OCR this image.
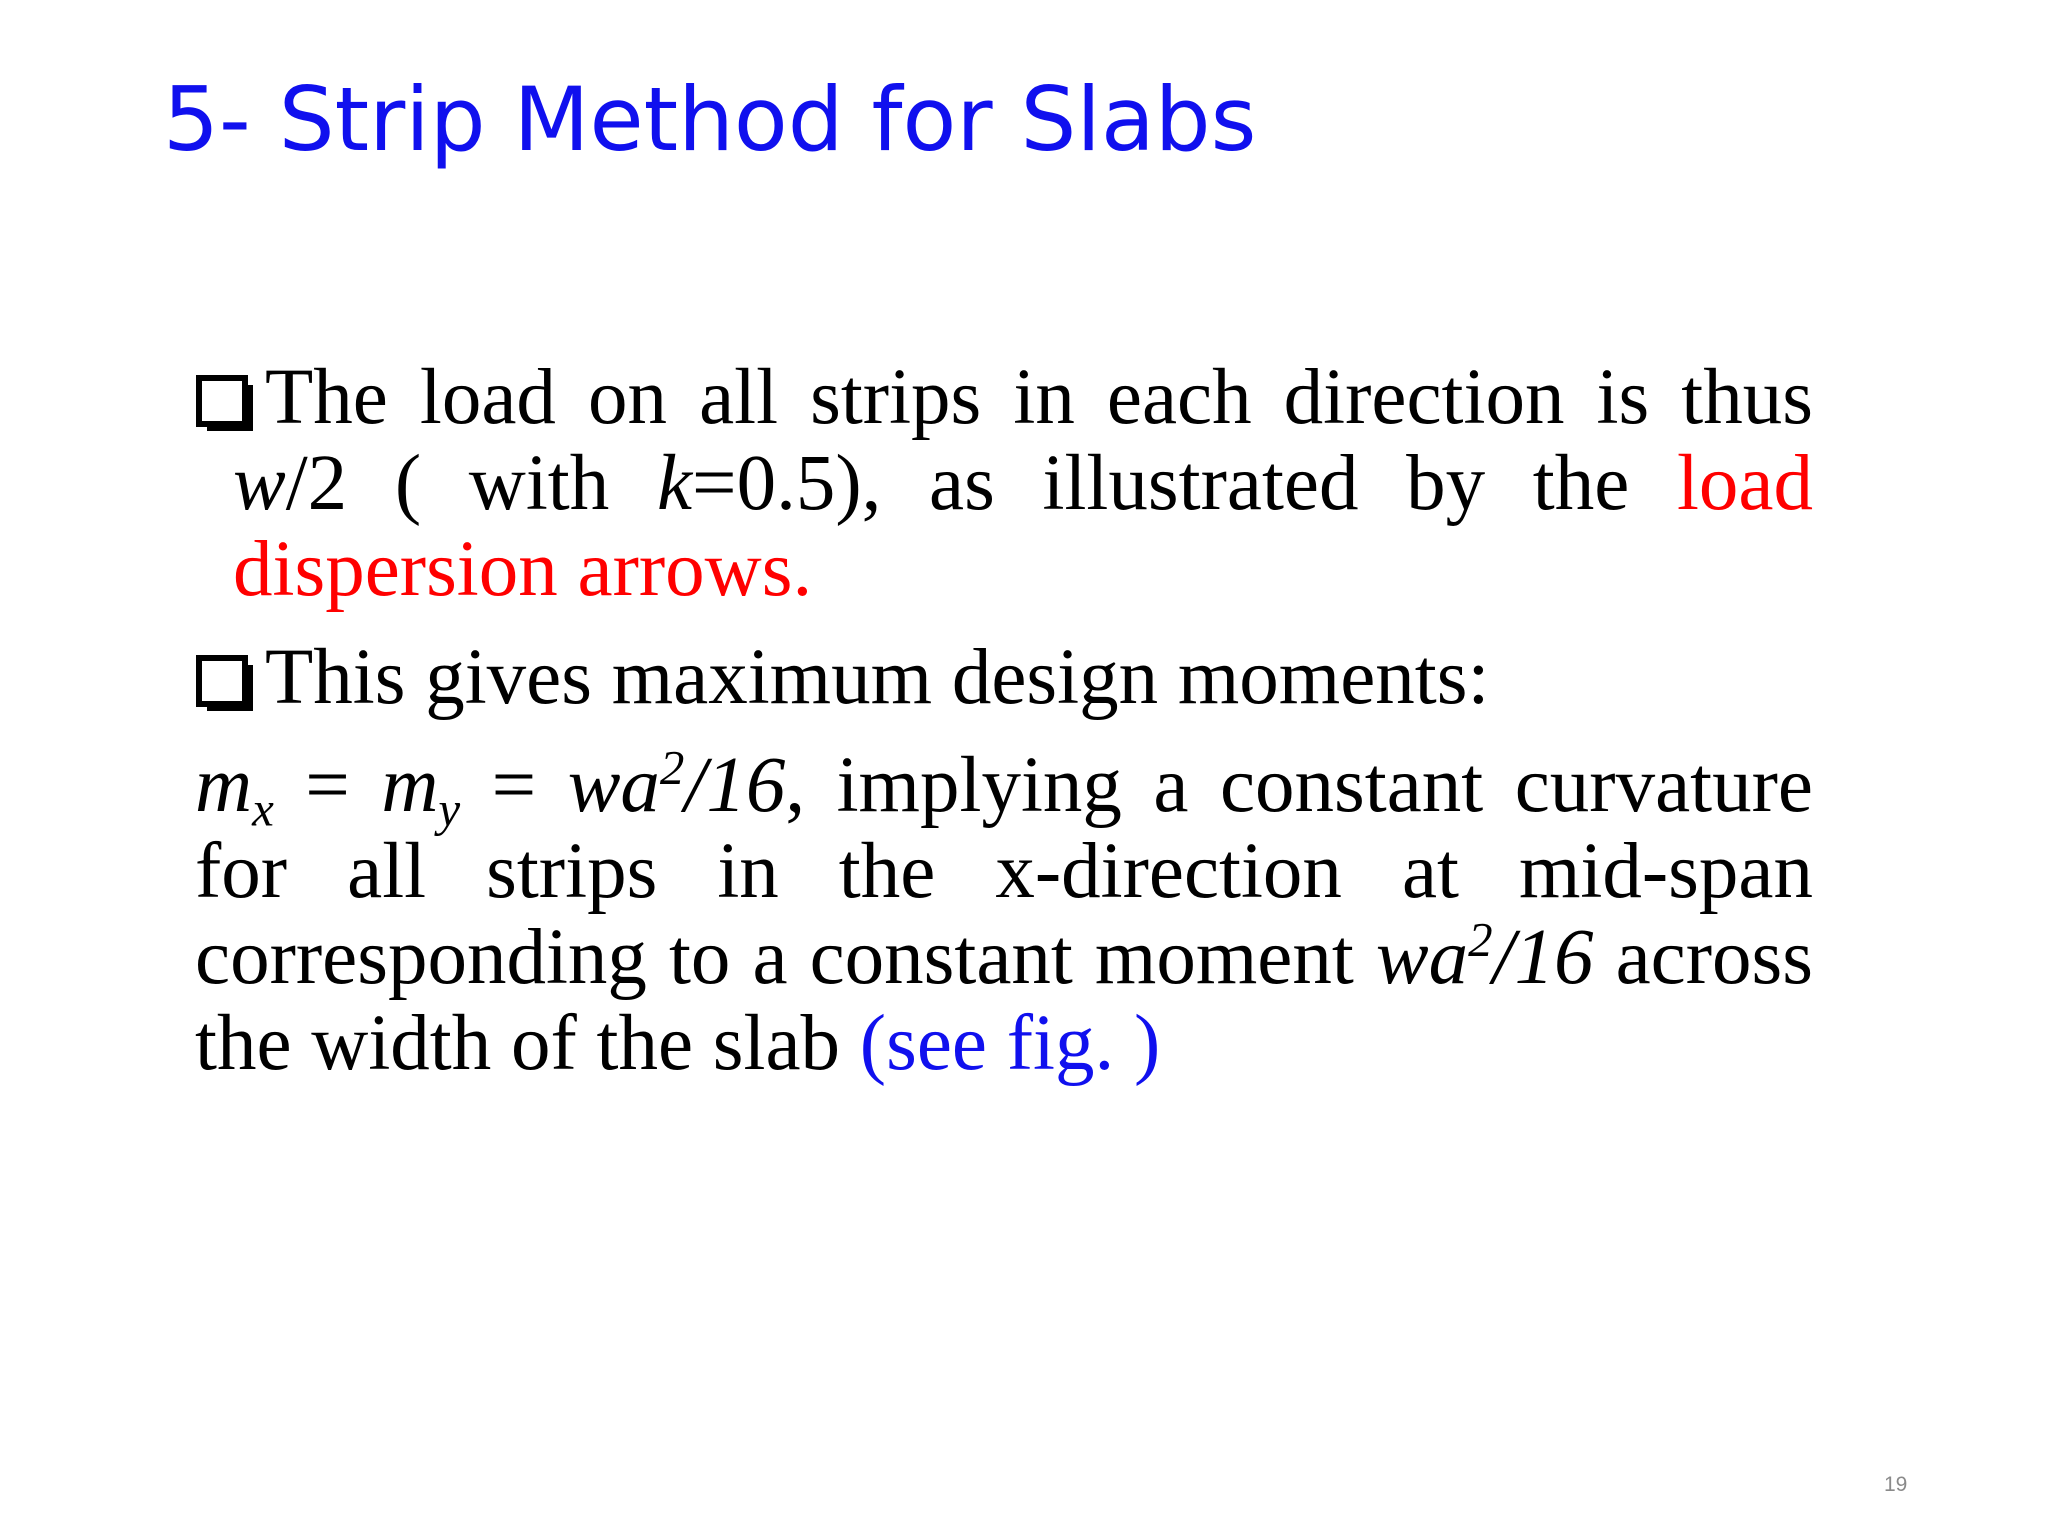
5- Strip Method for Slabs

The load on all strips in each direction is thus w/2 ( with k=0.5), as illustrated by the load dispersion arrows.

This gives maximum design moments:

$m_x = m_y = wa^2/16$, implying a constant curvature for all strips in the x-direction at mid-span corresponding to a constant moment $wa^2/16$ across the width of the slab (see fig. )

19
